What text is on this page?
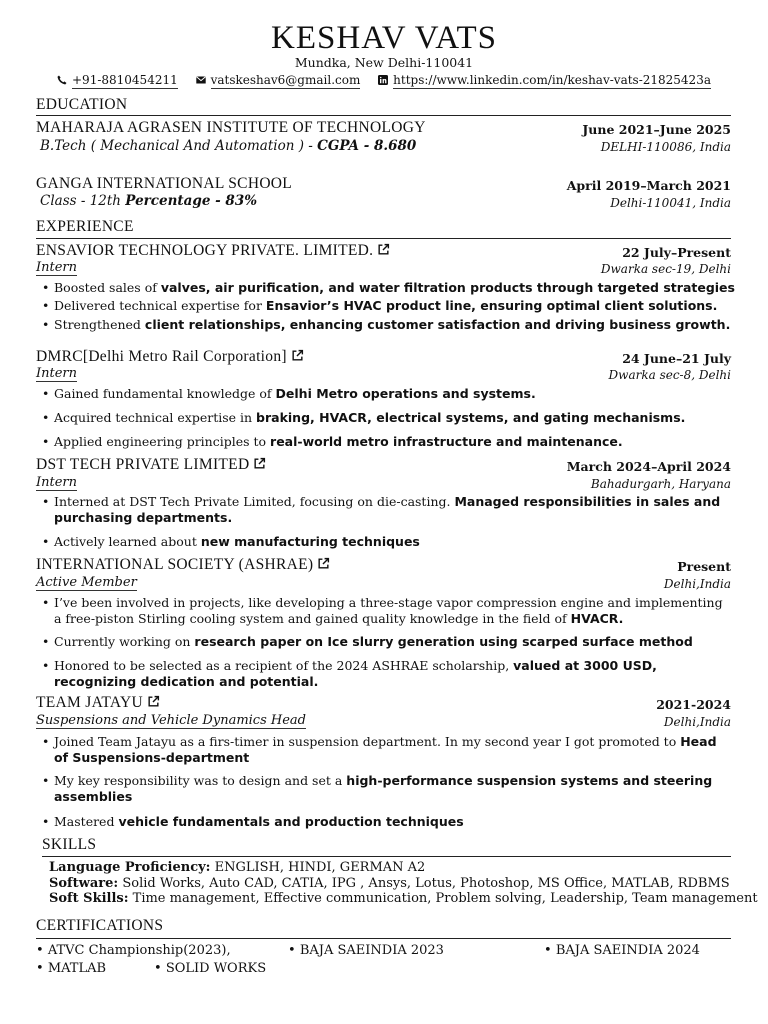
KESHAV VATS
Mundka, New Delhi-110041
+91-8810454211	vatskeshav6@gmail.com	https://www.linkedin.com/in/keshav-vats-21825423a
EDUCATION
MAHARAJA AGRASEN INSTITUTE OF TECHNOLOGY	June 2021–June 2025
B.Tech ( Mechanical And Automation ) - CGPA - 8.680	DELHI-110086, India
GANGA INTERNATIONAL SCHOOL	April 2019–March 2021
Class - 12th Percentage - 83%	Delhi-110041, India
EXPERIENCE
ENSAVIOR TECHNOLOGY PRIVATE. LIMITED.	22 July–Present
Intern	Dwarka sec-19, Delhi
• Boosted sales of valves, air purification, and water filtration products through targeted strategies
• Delivered technical expertise for Ensavior’s HVAC product line, ensuring optimal client solutions.
• Strengthened client relationships, enhancing customer satisfaction and driving business growth.
DMRC[Delhi Metro Rail Corporation]	24 June–21 July
Intern	Dwarka sec-8, Delhi
• Gained fundamental knowledge of Delhi Metro operations and systems.
• Acquired technical expertise in braking, HVACR, electrical systems, and gating mechanisms.
• Applied engineering principles to real-world metro infrastructure and maintenance.
DST TECH PRIVATE LIMITED	March 2024–April 2024
Intern	Bahadurgarh, Haryana
• Interned at DST Tech Private Limited, focusing on die-casting. Managed responsibilities in sales and purchasing departments.
• Actively learned about new manufacturing techniques
INTERNATIONAL SOCIETY (ASHRAE)	Present
Active Member	Delhi,India
• I’ve been involved in projects, like developing a three-stage vapor compression engine and implementing a free-piston Stirling cooling system and gained quality knowledge in the field of HVACR.
• Currently working on research paper on Ice slurry generation using scarped surface method
• Honored to be selected as a recipient of the 2024 ASHRAE scholarship, valued at 3000 USD, recognizing dedication and potential.
TEAM JATAYU	2021-2024
Suspensions and Vehicle Dynamics Head	Delhi,India
• Joined Team Jatayu as a firs-timer in suspension department. In my second year I got promoted to Head of Suspensions-department
• My key responsibility was to design and set a high-performance suspension systems and steering assemblies
• Mastered vehicle fundamentals and production techniques
SKILLS
Language Proficiency: ENGLISH, HINDI, GERMAN A2
Software: Solid Works, Auto CAD, CATIA, IPG , Ansys, Lotus, Photoshop, MS Office, MATLAB, RDBMS
Soft Skills: Time management, Effective communication, Problem solving, Leadership, Team management
CERTIFICATIONS
• ATVC Championship(2023),	• BAJA SAEINDIA 2023	• BAJA SAEINDIA 2024
• MATLAB	• SOLID WORKS
